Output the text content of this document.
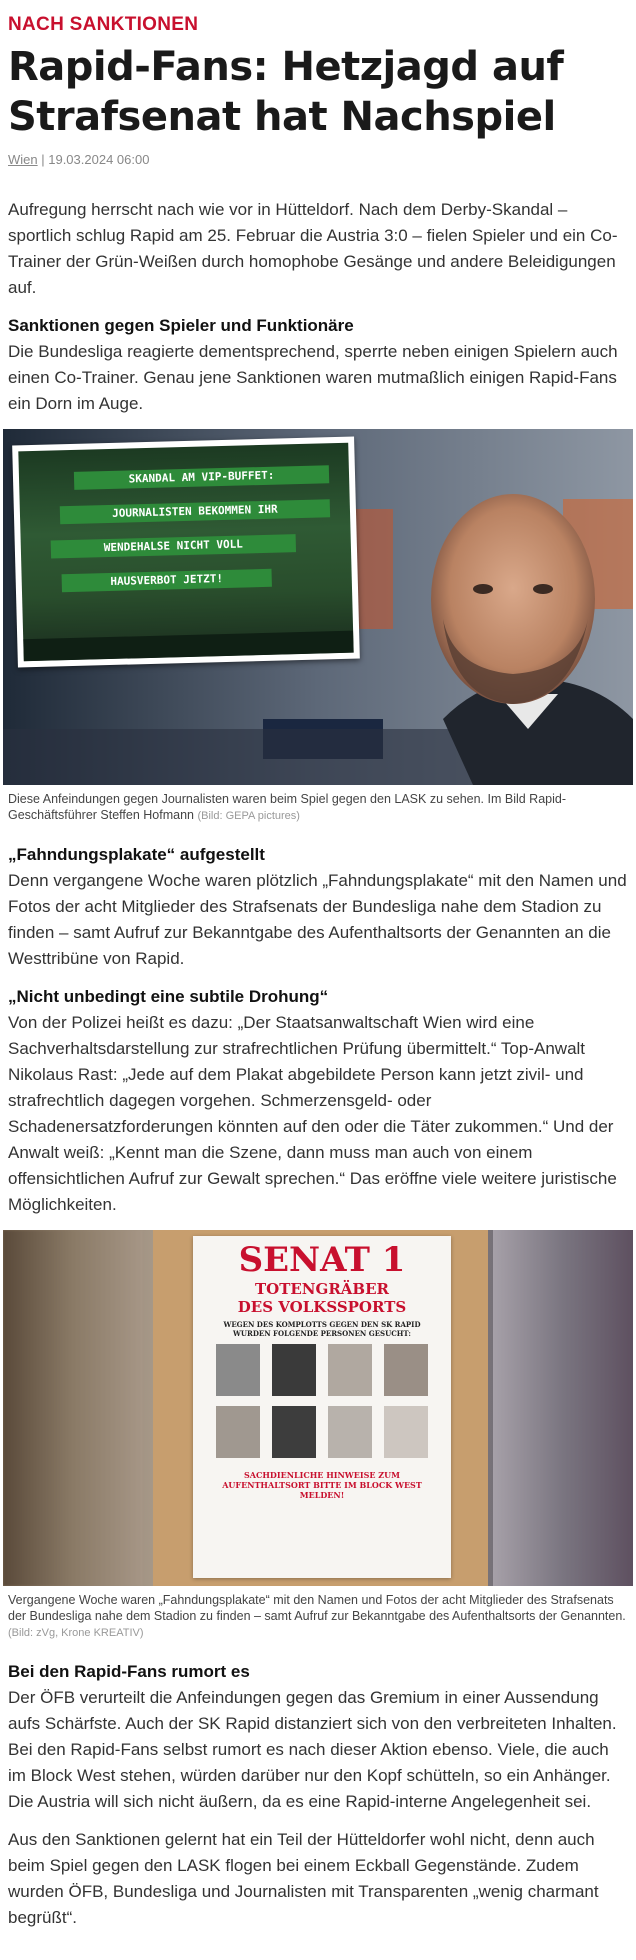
NACH SANKTIONEN
Rapid-Fans: Hetzjagd auf Strafsenat hat Nachspiel
Wien | 19.03.2024 06:00

Aufregung herrscht nach wie vor in Hütteldorf. Nach dem Derby-Skandal – sportlich schlug Rapid am 25. Februar die Austria 3:0 – fielen Spieler und ein Co-Trainer der Grün-Weißen durch homophobe Gesänge und andere Beleidigungen auf.

Sanktionen gegen Spieler und Funktionäre

Die Bundesliga reagierte dementsprechend, sperrte neben einigen Spielern auch einen Co-Trainer. Genau jene Sanktionen waren mutmaßlich einigen Rapid-Fans ein Dorn im Auge.

SKANDAL AM VIP-BUFFET:
JOURNALISTEN BEKOMMEN IHR
WENDEHALSE NICHT VOLL
HAUSVERBOT JETZT!
Diese Anfeindungen gegen Journalisten waren beim Spiel gegen den LASK zu sehen. Im Bild Rapid-Geschäftsführer Steffen Hofmann (Bild: GEPA pictures)
„Fahndungsplakate“ aufgestellt

Denn vergangene Woche waren plötzlich „Fahndungsplakate“ mit den Namen und Fotos der acht Mitglieder des Strafsenats der Bundesliga nahe dem Stadion zu finden – samt Aufruf zur Bekanntgabe des Aufenthaltsorts der Genannten an die Westtribüne von Rapid.

„Nicht unbedingt eine subtile Drohung“

Von der Polizei heißt es dazu: „Der Staatsanwaltschaft Wien wird eine Sachverhaltsdarstellung zur strafrechtlichen Prüfung übermittelt.“ Top-Anwalt Nikolaus Rast: „Jede auf dem Plakat abgebildete Person kann jetzt zivil- und strafrechtlich dagegen vorgehen. Schmerzensgeld- oder Schadenersatzforderungen könnten auf den oder die Täter zukommen.“ Und der Anwalt weiß: „Kennt man die Szene, dann muss man auch von einem offensichtlichen Aufruf zur Gewalt sprechen.“ Das eröffne viele weitere juristische Möglichkeiten.

SENAT 1
TOTENGRÄBER
DES VOLKSSPORTS
WEGEN DES KOMPLOTTS GEGEN DEN SK RAPID WURDEN FOLGENDE PERSONEN GESUCHT:
SACHDIENLICHE HINWEISE ZUM AUFENTHALTSORT BITTE IM BLOCK WEST MELDEN!
Vergangene Woche waren „Fahndungsplakate“ mit den Namen und Fotos der acht Mitglieder des Strafsenats der Bundesliga nahe dem Stadion zu finden – samt Aufruf zur Bekanntgabe des Aufenthaltsorts der Genannten. (Bild: zVg, Krone KREATIV)
Bei den Rapid-Fans rumort es

Der ÖFB verurteilt die Anfeindungen gegen das Gremium in einer Aussendung aufs Schärfste. Auch der SK Rapid distanziert sich von den verbreiteten Inhalten. Bei den Rapid-Fans selbst rumort es nach dieser Aktion ebenso. Viele, die auch im Block West stehen, würden darüber nur den Kopf schütteln, so ein Anhänger. Die Austria will sich nicht äußern, da es eine Rapid-interne Angelegenheit sei.

Aus den Sanktionen gelernt hat ein Teil der Hütteldorfer wohl nicht, denn auch beim Spiel gegen den LASK flogen bei einem Eckball Gegenstände. Zudem wurden ÖFB, Bundesliga und Journalisten mit Transparenten „wenig charmant begrüßt“.
